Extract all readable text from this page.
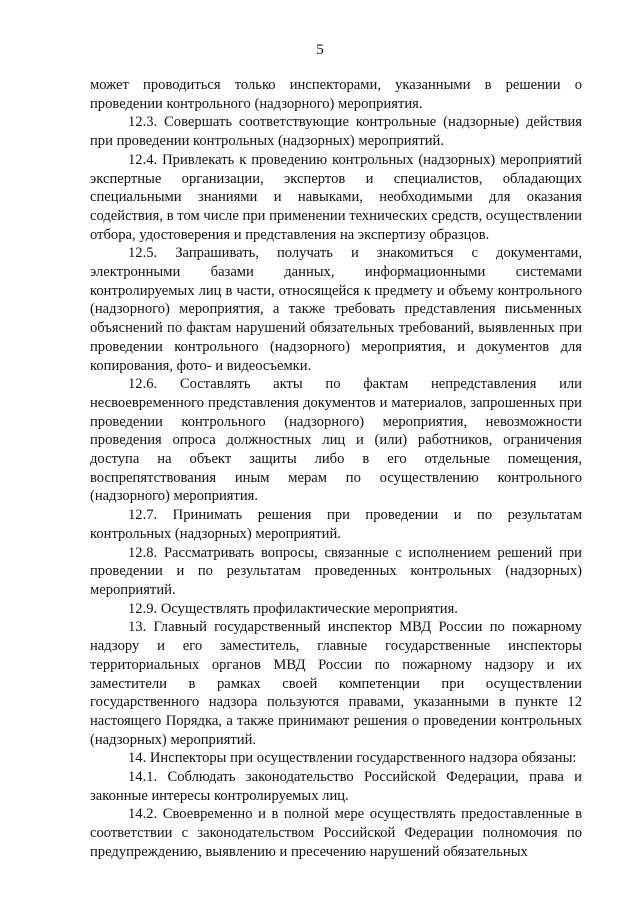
5

может проводиться только инспекторами, указанными в решении о проведении контрольного (надзорного) мероприятия.

12.3. Совершать соответствующие контрольные (надзорные) действия при проведении контрольных (надзорных) мероприятий.

12.4. Привлекать к проведению контрольных (надзорных) мероприятий экспертные организации, экспертов и специалистов, обладающих специальными знаниями и навыками, необходимыми для оказания содействия, в том числе при применении технических средств, осуществлении отбора, удостоверения и представления на экспертизу образцов.

12.5. Запрашивать, получать и знакомиться с документами, электронными базами данных, информационными системами контролируемых лиц в части, относящейся к предмету и объему контрольного (надзорного) мероприятия, а также требовать представления письменных объяснений по фактам нарушений обязательных требований, выявленных при проведении контрольного (надзорного) мероприятия, и документов для копирования, фото- и видеосъемки.

12.6. Составлять акты по фактам непредставления или несвоевременного представления документов и материалов, запрошенных при проведении контрольного (надзорного) мероприятия, невозможности проведения опроса должностных лиц и (или) работников, ограничения доступа на объект защиты либо в его отдельные помещения, воспрепятствования иным мерам по осуществлению контрольного (надзорного) мероприятия.

12.7. Принимать решения при проведении и по результатам контрольных (надзорных) мероприятий.

12.8. Рассматривать вопросы, связанные с исполнением решений при проведении и по результатам проведенных контрольных (надзорных) мероприятий.

12.9. Осуществлять профилактические мероприятия.

13. Главный государственный инспектор МВД России по пожарному надзору и его заместитель, главные государственные инспекторы территориальных органов МВД России по пожарному надзору и их заместители в рамках своей компетенции при осуществлении государственного надзора пользуются правами, указанными в пункте 12 настоящего Порядка, а также принимают решения о проведении контрольных (надзорных) мероприятий.

14. Инспекторы при осуществлении государственного надзора обязаны:

14.1. Соблюдать законодательство Российской Федерации, права и законные интересы контролируемых лиц.

14.2. Своевременно и в полной мере осуществлять предоставленные в соответствии с законодательством Российской Федерации полномочия по предупреждению, выявлению и пресечению нарушений обязательных
